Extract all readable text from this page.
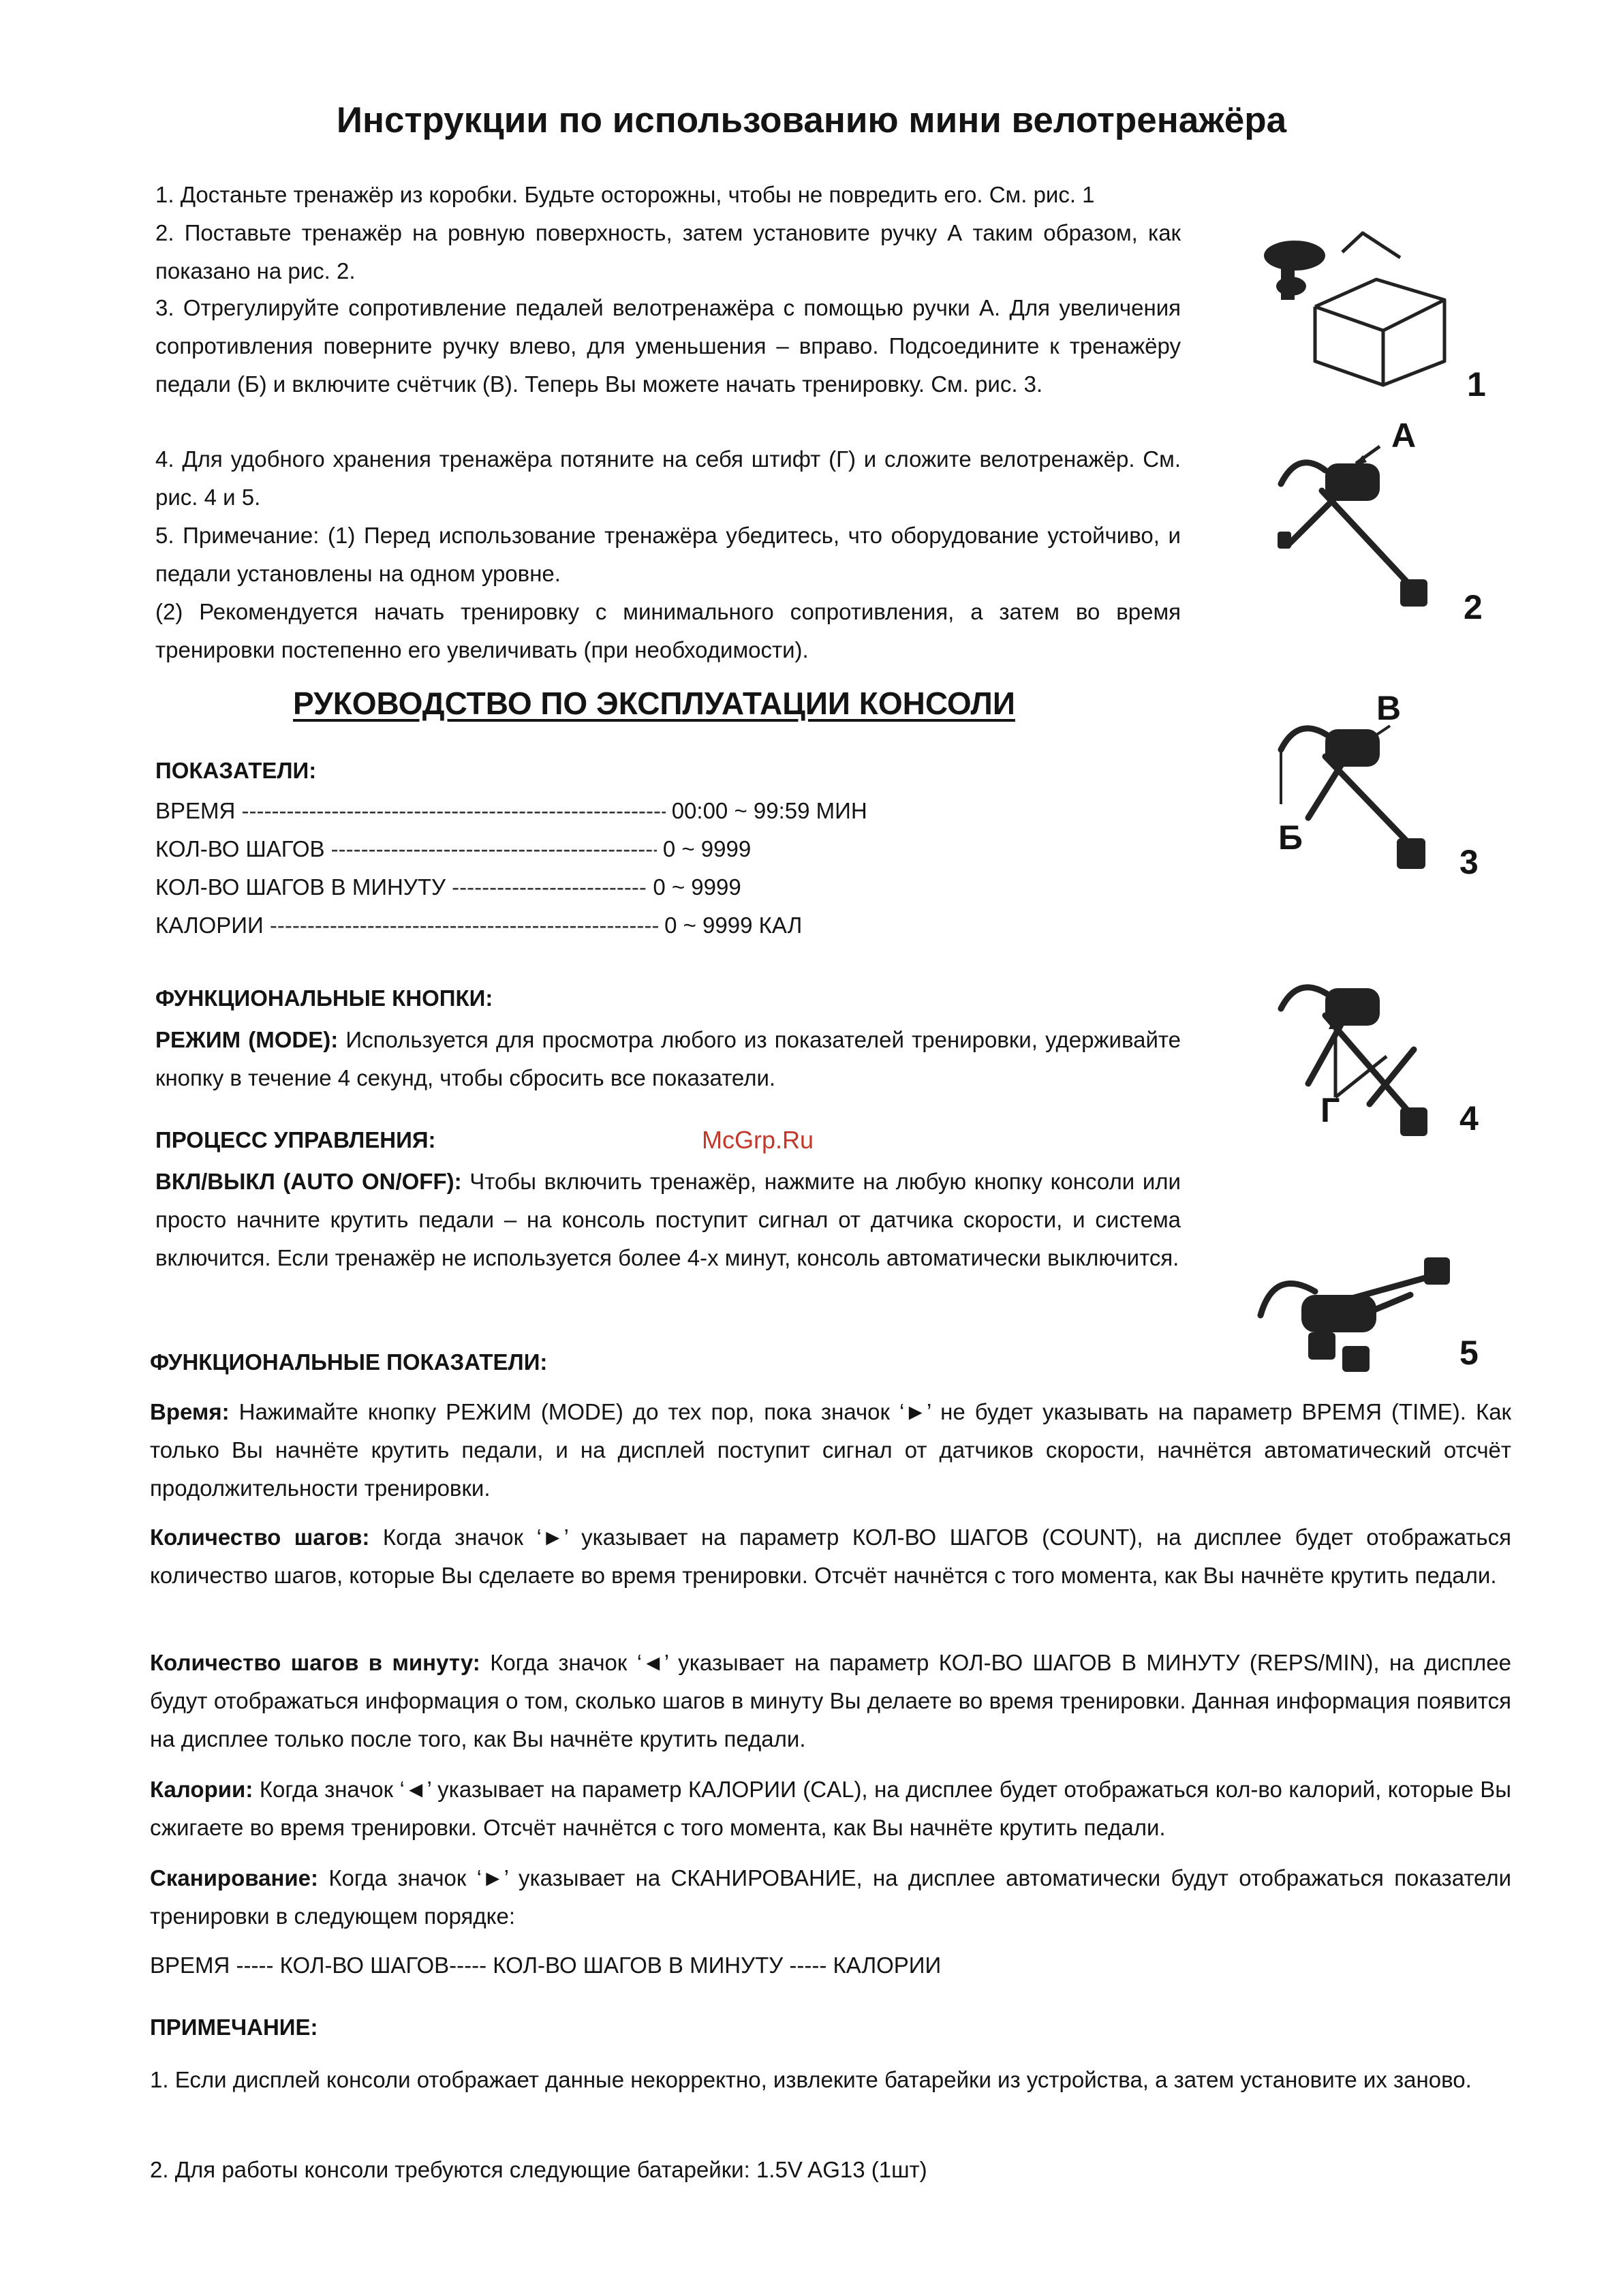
Инструкции по использованию мини велотренажёра
1. Достаньте тренажёр из коробки. Будьте осторожны, чтобы не повредить его. См. рис. 1
2. Поставьте тренажёр на ровную поверхность, затем установите ручку А таким образом, как показано на рис. 2.
3. Отрегулируйте сопротивление педалей велотренажёра с помощью ручки А. Для увеличения сопротивления поверните ручку влево, для уменьшения – вправо. Подсоедините к тренажёру педали (Б) и включите счётчик (В). Теперь Вы можете начать тренировку. См. рис. 3.
4. Для удобного хранения тренажёра потяните на себя штифт (Г) и сложите велотренажёр. См. рис. 4 и 5.
5. Примечание: (1) Перед использование тренажёра убедитесь, что оборудование устойчиво, и педали установлены на одном уровне.
(2) Рекомендуется начать тренировку с минимального сопротивления, а затем во время тренировки постепенно его увеличивать (при необходимости).
РУКОВОДСТВО ПО ЭКСПЛУАТАЦИИ КОНСОЛИ
ПОКАЗАТЕЛИ:
ВРЕМЯ -----	00:00 ~ 99:59 МИН
КОЛ-ВО ШАГОВ -----	0 ~ 9999
КОЛ-ВО ШАГОВ В МИНУТУ -----	0 ~ 9999
КАЛОРИИ -----	0 ~ 9999 КАЛ
ФУНКЦИОНАЛЬНЫЕ КНОПКИ:
РЕЖИМ (MODE): Используется для просмотра любого из показателей тренировки, удерживайте кнопку в течение 4 секунд, чтобы сбросить все показатели.
ПРОЦЕСС УПРАВЛЕНИЯ:	McGrp.Ru
ВКЛ/ВЫКЛ (AUTO ON/OFF): Чтобы включить тренажёр, нажмите на любую кнопку консоли или просто начните крутить педали – на консоль поступит сигнал от датчика скорости, и система включится. Если тренажёр не используется более 4-х минут, консоль автоматически выключится.
ФУНКЦИОНАЛЬНЫЕ ПОКАЗАТЕЛИ:
Время: Нажимайте кнопку РЕЖИМ (MODE) до тех пор, пока значок ‘►’ не будет указывать на параметр ВРЕМЯ (TIME). Как только Вы начнёте крутить педали, и на дисплей поступит сигнал от датчиков скорости, начнётся автоматический отсчёт продолжительности тренировки.
Количество шагов: Когда значок ‘►’ указывает на параметр КОЛ-ВО ШАГОВ (COUNT), на дисплее будет отображаться количество шагов, которые Вы сделаете во время тренировки. Отсчёт начнётся с того момента, как Вы начнёте крутить педали.
Количество шагов в минуту: Когда значок ‘◄’ указывает на параметр КОЛ-ВО ШАГОВ В МИНУТУ (REPS/MIN), на дисплее будут отображаться информация о том, сколько шагов в минуту Вы делаете во время тренировки. Данная информация появится на дисплее только после того, как Вы начнёте крутить педали.
Калории: Когда значок ‘◄’ указывает на параметр КАЛОРИИ (CAL), на дисплее будет отображаться кол-во калорий, которые Вы сжигаете во время тренировки. Отсчёт начнётся с того момента, как Вы начнёте крутить педали.
Сканирование: Когда значок ‘►’ указывает на СКАНИРОВАНИЕ, на дисплее автоматически будут отображаться показатели тренировки в следующем порядке:
ВРЕМЯ ----- КОЛ-ВО ШАГОВ----- КОЛ-ВО ШАГОВ В МИНУТУ ----- КАЛОРИИ
ПРИМЕЧАНИЕ:
1. Если дисплей консоли отображает данные некорректно, извлеките батарейки из устройства, а затем установите их заново.
2. Для работы консоли требуются следующие батарейки: 1.5V AG13 (1шт)
1
А
2
В
Б
3
Г	4
5
